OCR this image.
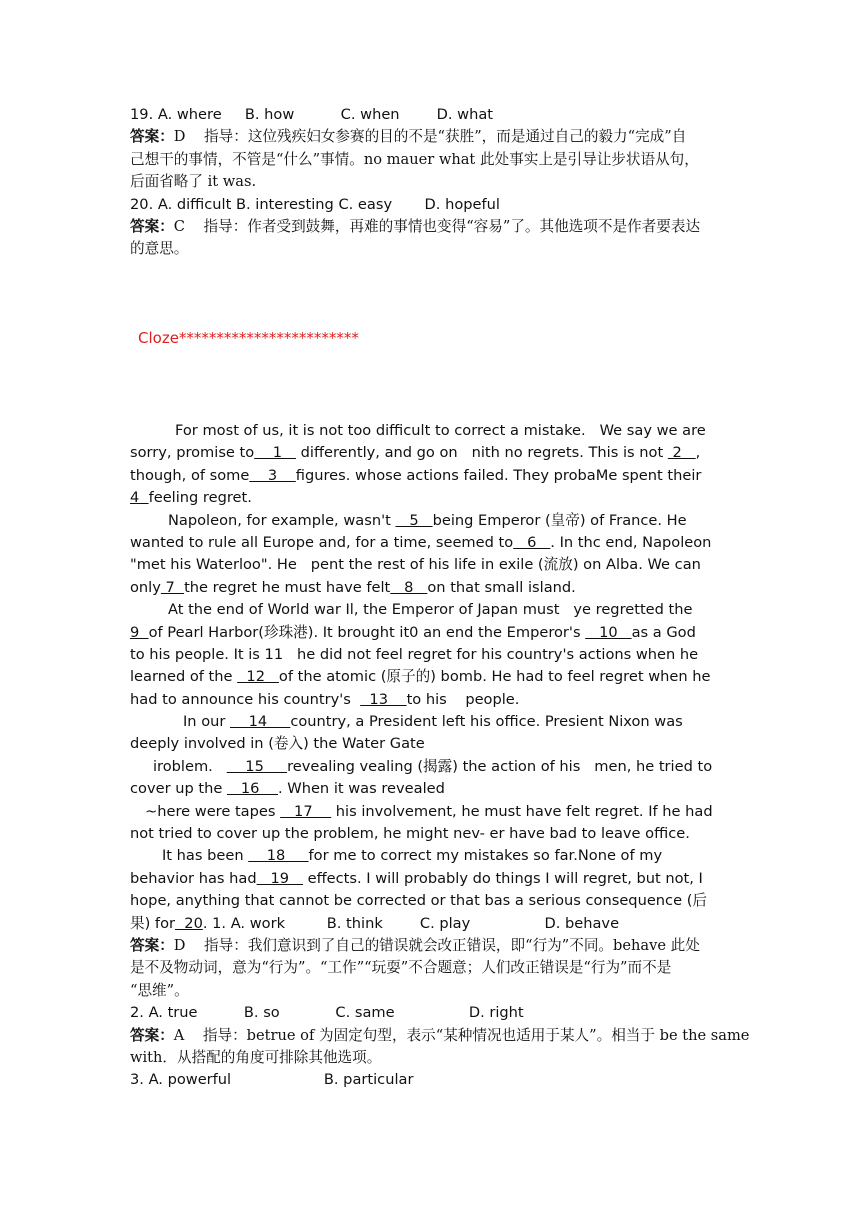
19. A. where     B. how          C. when        D. what
答案：D    指导：这位残疾妇女参赛的目的不是“获胜”，而是通过自己的毅力“完成”自
己想干的事情，不管是“什么”事情。no mauer what 此处事实上是引导让步状语从句，
后面省略了 it was.
20. A. difficult B. interesting C. easy       D. hopeful
答案：C    指导：作者受到鼓舞，再难的事情也变得“容易”了。其他选项不是作者要表达
的意思。
Cloze************************
For most of us, it is not too difficult to correct a mistake.   We say we are
sorry, promise to    1    differently, and go on   nith no regrets. This is not  2   ,
though, of some    3    figures. whose actions failed. They probaMe spent their
4  feeling regret.
Napoleon, for example, wasn't    5   being Emperor (皇帝) of France. He
wanted to rule all Europe and, for a time, seemed to   6   . In thc end, Napoleon
"met his Waterloo". He   pent the rest of his life in exile (流放) on Alba. We can
only 7  the regret he must have felt   8   on that small island.
At the end of World war Il, the Emperor of Japan must   ye regretted the
9  of Pearl Harbor(珍珠港). It brought it0 an end the Emperor's    10   as a God
to his people. It is 11   he did not feel regret for his country's actions when he
learned of the   12   of the atomic (原子的) bomb. He had to feel regret when he
had to announce his country's    13    to his    people.
In our     14     country, a President left his office. Presient Nixon was
deeply involved in (卷入) the Water Gate
iroblem.       15     revealing vealing (揭露) the action of his   men, he tried to
cover up the    16    . When it was revealed
~here were tapes    17     his involvement, he must have felt regret. If he had
not tried to cover up the problem, he might nev- er have bad to leave office.
It has been     18     for me to correct my mistakes so far.None of my
behavior has had   19    effects. I will probably do things I will regret, but not, I
hope, anything that cannot be corrected or that bas a serious consequence (后
果) for  20. 1. A. work         B. think        C. play                D. behave
答案：D    指导：我们意识到了自己的错误就会改正错误，即“行为”不同。behave 此处
是不及物动词，意为“行为”。“工作”“玩耍”不合题意；人们改正错误是“行为”而不是
“思维”。
2. A. true          B. so            C. same                D. right
答案：A    指导：betrue of 为固定句型，表示“某种情况也适用于某人”。相当于 be the same
with．从搭配的角度可排除其他选项。
3. A. powerful                    B. particular
